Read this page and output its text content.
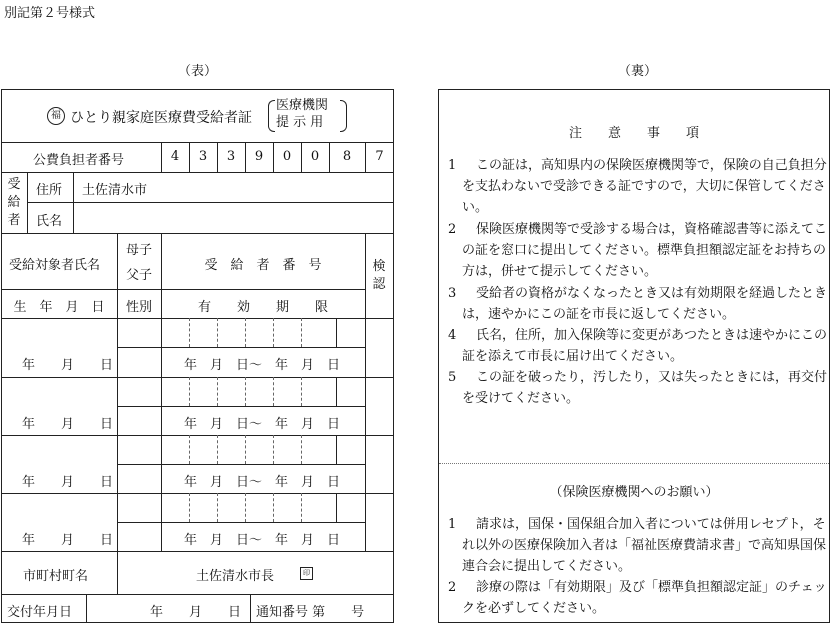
別記第２号様式
（表）	（裏）
福 ひとり親家庭医療費受給者証
医療機関
提 示 用
公費負担者番号	4	3	3	9	0	0	8	7
受給者
住所 土佐清水市
氏名
受給対象者氏名
母子
父子
受　給　者　番　号	検認
生　年　月　日	性別	有　　効　　期　　限
年　　月　　日	年　月　日～　年　月　日
年　　月　　日	年　月　日～　年　月　日
年　　月　　日	年　月　日～　年　月　日
年　　月　　日	年　月　日～　年　月　日
市町村町名	土佐清水市長	印
交付年月日	年　　月　　日 通知番号 第　　号
注　　意　　事　　項
1	この証は，高知県内の保険医療機関等で，保険の自己負担分を支払わないで受診できる証ですので，大切に保管してください。
2	保険医療機関等で受診する場合は，資格確認書等に添えてこの証を窓口に提出してください。標準負担額認定証をお持ちの方は，併せて提示してください。
3	受給者の資格がなくなったとき又は有効期限を経過したときは，速やかにこの証を市長に返してください。
4	氏名，住所，加入保険等に変更があつたときは速やかにこの証を添えて市長に届け出てください。
5	この証を破ったり，汚したり，又は失ったときには，再交付を受けてください。
（保険医療機関へのお願い）
1	請求は，国保・国保組合加入者については併用レセプト，それ以外の医療保険加入者は「福祉医療費請求書」で高知県国保連合会に提出してください。
2	診療の際は「有効期限」及び「標準負担額認定証」のチェックを必ずしてください。
